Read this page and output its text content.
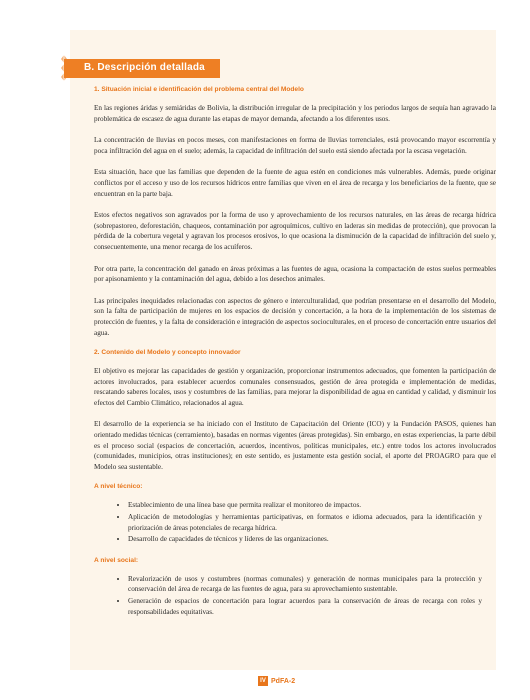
B. Descripción detallada
1. Situación inicial e identificación del problema central del Modelo

En las regiones áridas y semiáridas de Bolivia, la distribución irregular de la precipitación y los periodos largos de sequía han agravado la problemática de escasez de agua durante las etapas de mayor demanda, afectando a los diferentes usos.

La concentración de lluvias en pocos meses, con manifestaciones en forma de lluvias torrenciales, está provocando mayor escorrentía y poca infiltración del agua en el suelo; además, la capacidad de infiltración del suelo está siendo afectada por la escasa vegetación.

Esta situación, hace que las familias que dependen de la fuente de agua estén en condiciones más vulnerables. Además, puede originar conflictos por el acceso y uso de los recursos hídricos entre familias que viven en el área de recarga y los beneficiarios de la fuente, que se encuentran en la parte baja.

Estos efectos negativos son agravados por la forma de uso y aprovechamiento de los recursos naturales, en las áreas de recarga hídrica (sobrepastoreo, deforestación, chaqueos, contaminación por agroquímicos, cultivo en laderas sin medidas de protección), que provocan la pérdida de la cobertura vegetal y agravan los procesos erosivos, lo que ocasiona la disminución de la capacidad de infiltración del suelo y, consecuentemente, una menor recarga de los acuíferos.

Por otra parte, la concentración del ganado en áreas próximas a las fuentes de agua, ocasiona la compactación de estos suelos permeables por apisonamiento y la contaminación del agua, debido a los desechos animales.

Las principales inequidades relacionadas con aspectos de género e interculturalidad, que podrían presentarse en el desarrollo del Modelo, son la falta de participación de mujeres en los espacios de decisión y concertación, a la hora de la implementación de los sistemas de protección de fuentes, y la falta de consideración e integración de aspectos socioculturales, en el proceso de concertación entre usuarios del agua.

2. Contenido del Modelo y concepto innovador

El objetivo es mejorar las capacidades de gestión y organización, proporcionar instrumentos adecuados, que fomenten la participación de actores involucrados, para establecer acuerdos comunales consensuados, gestión de área protegida e implementación de medidas, rescatando saberes locales, usos y costumbres de las familias, para mejorar la disponibilidad de agua en cantidad y calidad, y disminuir los efectos del Cambio Climático, relacionados al agua.

El desarrollo de la experiencia se ha iniciado con el Instituto de Capacitación del Oriente (ICO) y la Fundación PASOS, quienes han orientado medidas técnicas (cerramiento), basadas en normas vigentes (áreas protegidas). Sin embargo, en estas experiencias, la parte débil es el proceso social (espacios de concertación, acuerdos, incentivos, políticas municipales, etc.) entre todos los actores involucrados (comunidades, municipios, otras instituciones); en este sentido, es justamente esta gestión social, el aporte del PROAGRO para que el Modelo sea sustentable.

A nivel técnico:
• Establecimiento de una línea base que permita realizar el monitoreo de impactos.
• Aplicación de metodologías y herramientas participativas, en formatos e idioma adecuados, para la identificación y priorización de áreas potenciales de recarga hídrica.
• Desarrollo de capacidades de técnicos y líderes de las organizaciones.
A nivel social:
• Revalorización de usos y costumbres (normas comunales) y generación de normas municipales para la protección y conservación del área de recarga de las fuentes de agua, para su aprovechamiento sustentable.
• Generación de espacios de concertación para lograr acuerdos para la conservación de áreas de recarga con roles y responsabilidades equitativas.
IV PdFA-2
